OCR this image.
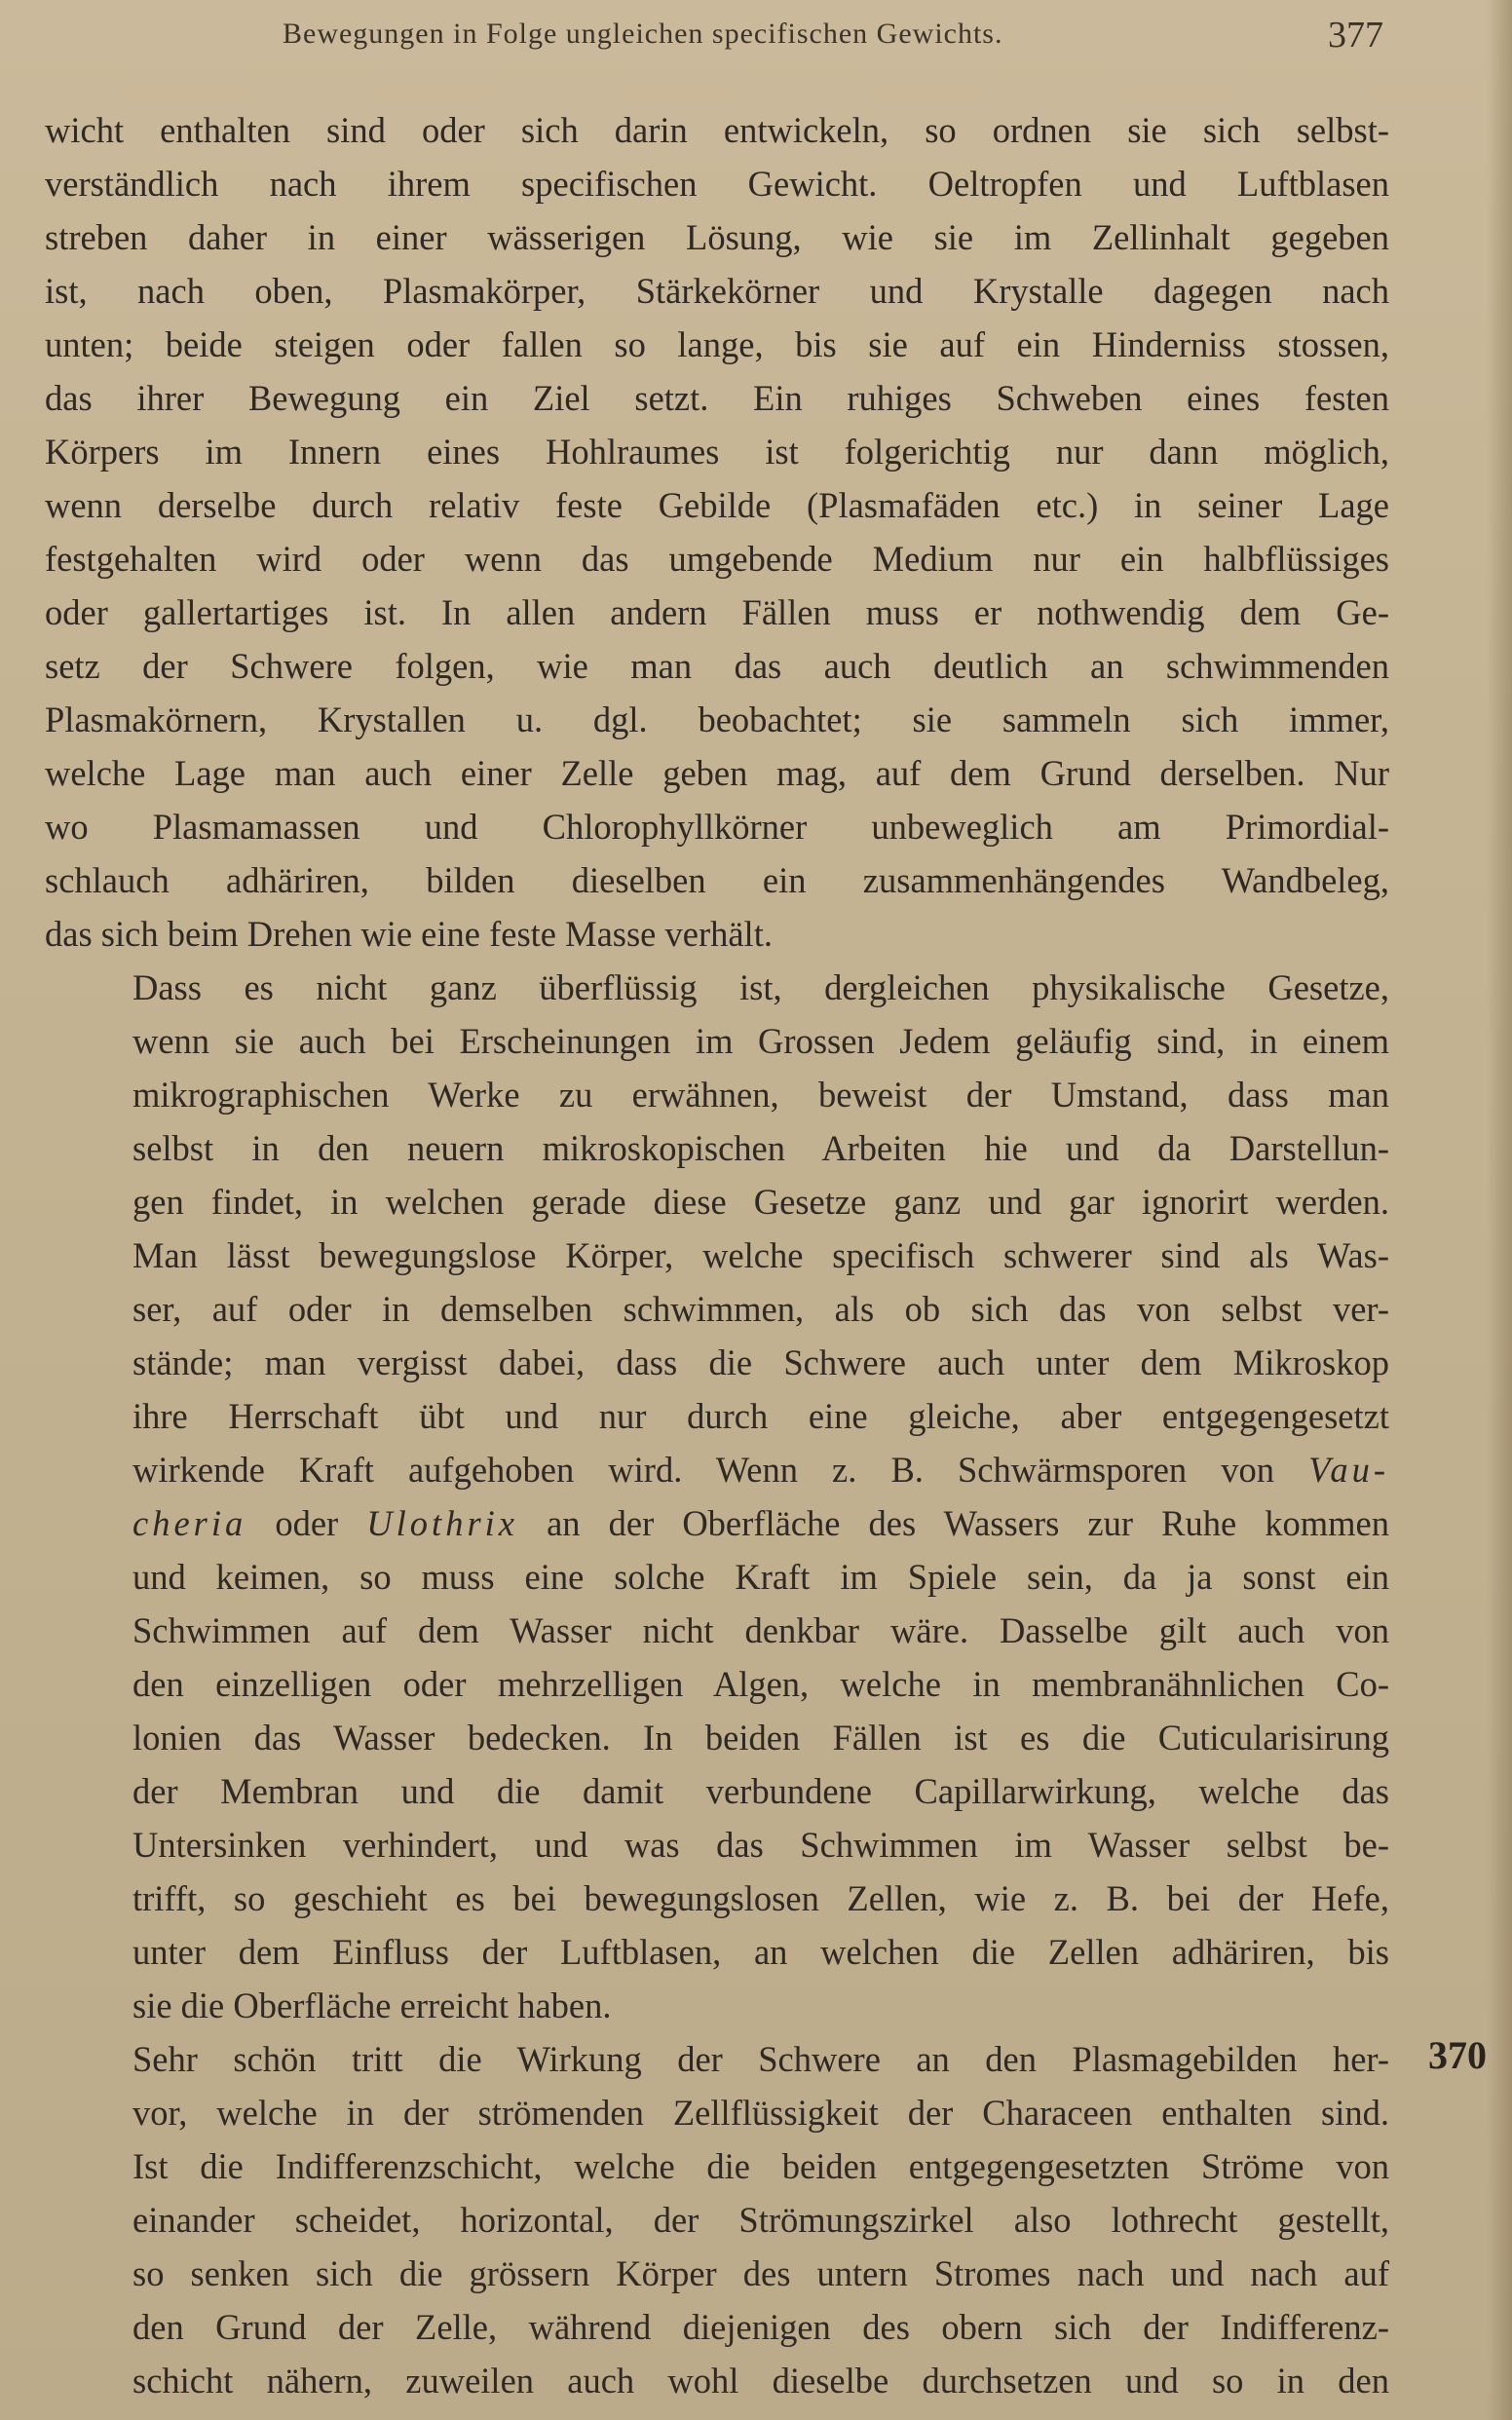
Bewegungen in Folge ungleichen specifischen Gewichts.	377

wicht enthalten sind oder sich darin entwickeln, so ordnen sie sich selbst-
verständlich nach ihrem specifischen Gewicht. Oeltropfen und Luftblasen
streben daher in einer wässerigen Lösung, wie sie im Zellinhalt gegeben
ist, nach oben, Plasmakörper, Stärkekörner und Krystalle dagegen nach
unten; beide steigen oder fallen so lange, bis sie auf ein Hinderniss stossen,
das ihrer Bewegung ein Ziel setzt. Ein ruhiges Schweben eines festen
Körpers im Innern eines Hohlraumes ist folgerichtig nur dann möglich,
wenn derselbe durch relativ feste Gebilde (Plasmafäden etc.) in seiner Lage
festgehalten wird oder wenn das umgebende Medium nur ein halbflüssiges
oder gallertartiges ist. In allen andern Fällen muss er nothwendig dem Ge-
setz der Schwere folgen, wie man das auch deutlich an schwimmenden
Plasmakörnern, Krystallen u. dgl. beobachtet; sie sammeln sich immer,
welche Lage man auch einer Zelle geben mag, auf dem Grund derselben. Nur
wo Plasmamassen und Chlorophyllkörner unbeweglich am Primordial-
schlauch adhäriren, bilden dieselben ein zusammenhängendes Wandbeleg,
das sich beim Drehen wie eine feste Masse verhält.

Dass es nicht ganz überflüssig ist, dergleichen physikalische Gesetze,
wenn sie auch bei Erscheinungen im Grossen Jedem geläufig sind, in einem
mikrographischen Werke zu erwähnen, beweist der Umstand, dass man
selbst in den neuern mikroskopischen Arbeiten hie und da Darstellun-
gen findet, in welchen gerade diese Gesetze ganz und gar ignorirt werden.
Man lässt bewegungslose Körper, welche specifisch schwerer sind als Was-
ser, auf oder in demselben schwimmen, als ob sich das von selbst ver-
stände; man vergisst dabei, dass die Schwere auch unter dem Mikroskop
ihre Herrschaft übt und nur durch eine gleiche, aber entgegengesetzt
wirkende Kraft aufgehoben wird. Wenn z. B. Schwärmsporen von Vau-
cheria oder Ulothrix an der Oberfläche des Wassers zur Ruhe kommen
und keimen, so muss eine solche Kraft im Spiele sein, da ja sonst ein
Schwimmen auf dem Wasser nicht denkbar wäre. Dasselbe gilt auch von
den einzelligen oder mehrzelligen Algen, welche in membranähnlichen Co-
lonien das Wasser bedecken. In beiden Fällen ist es die Cuticularisirung
der Membran und die damit verbundene Capillarwirkung, welche das
Untersinken verhindert, und was das Schwimmen im Wasser selbst be-
trifft, so geschieht es bei bewegungslosen Zellen, wie z. B. bei der Hefe,
unter dem Einfluss der Luftblasen, an welchen die Zellen adhäriren, bis
sie die Oberfläche erreicht haben.

Sehr schön tritt die Wirkung der Schwere an den Plasmagebilden her-
vor, welche in der strömenden Zellflüssigkeit der Characeen enthalten sind.
Ist die Indifferenzschicht, welche die beiden entgegengesetzten Ströme von
einander scheidet, horizontal, der Strömungszirkel also lothrecht gestellt,
so senken sich die grössern Körper des untern Stromes nach und nach auf
den Grund der Zelle, während diejenigen des obern sich der Indifferenz-
schicht nähern, zuweilen auch wohl dieselbe durchsetzen und so in den

370
